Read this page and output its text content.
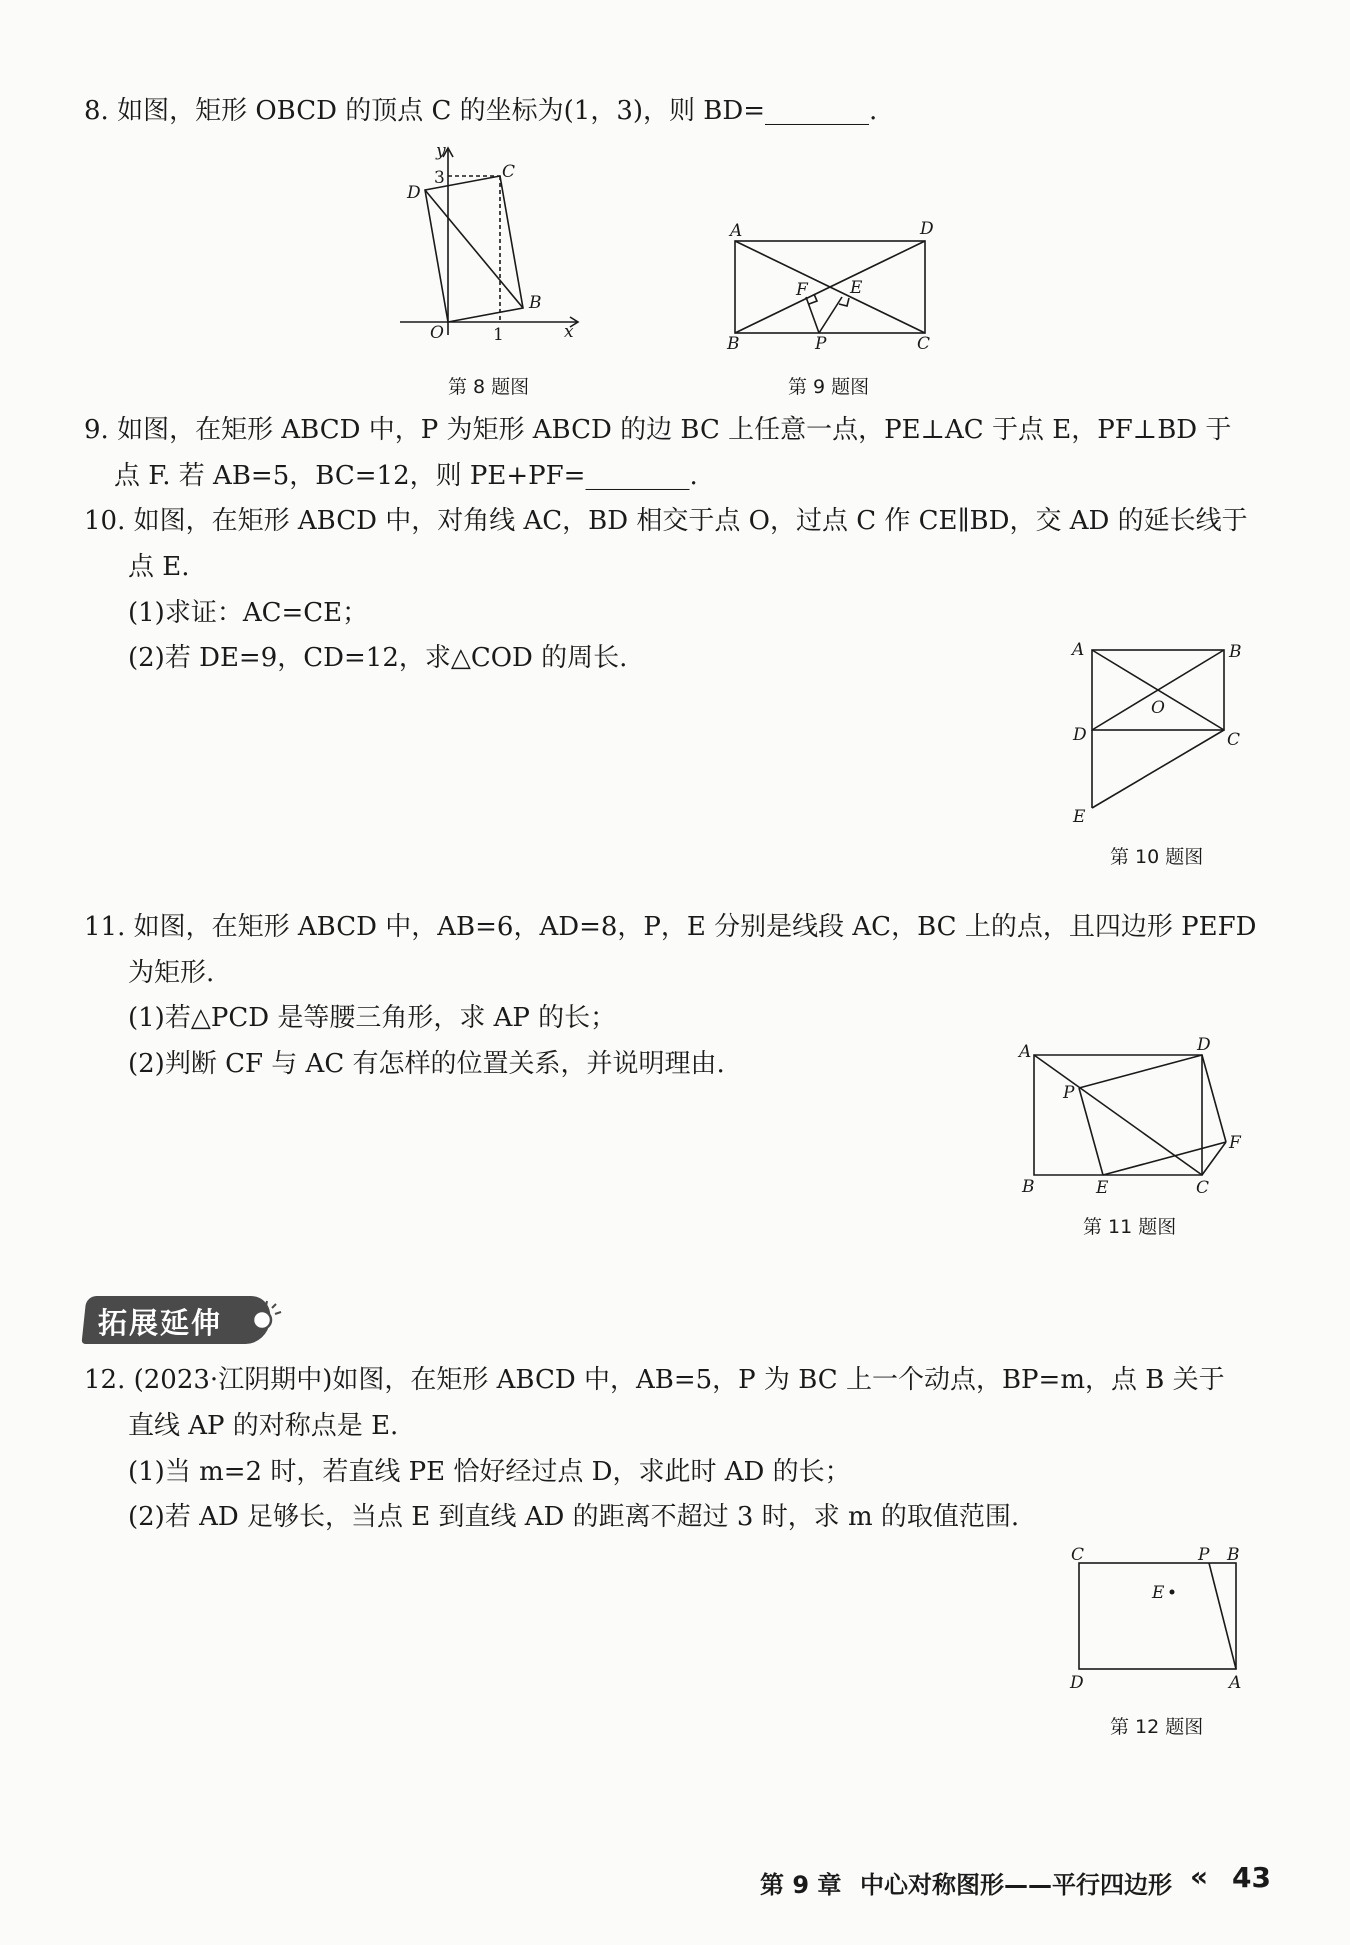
8. 如图，矩形 OBCD 的顶点 C 的坐标为(1，3)，则 BD=________.
y
3	C
D
B
O	1	x
第 8 题图
A	D
F E
B	P	C
第 9 题图
9. 如图，在矩形 ABCD 中，P 为矩形 ABCD 的边 BC 上任意一点，PE⊥AC 于点 E，PF⊥BD 于
点 F. 若 AB=5，BC=12，则 PE+PF=________.
10. 如图，在矩形 ABCD 中，对角线 AC，BD 相交于点 O，过点 C 作 CE∥BD，交 AD 的延长线于
点 E.
(1)求证：AC=CE；
(2)若 DE=9，CD=12，求△COD 的周长.	A	B
O
D	C
E
第 10 题图
11. 如图，在矩形 ABCD 中，AB=6，AD=8，P，E 分别是线段 AC，BC 上的点，且四边形 PEFD
为矩形.
(1)若△PCD 是等腰三角形，求 AP 的长；
(2)判断 CF 与 AC 有怎样的位置关系，并说明理由.	A	D
P
F
B	E	C
第 11 题图
拓展延伸
12. (2023·江阴期中)如图，在矩形 ABCD 中，AB=5，P 为 BC 上一个动点，BP=m，点 B 关于
直线 AP 的对称点是 E.
(1)当 m=2 时，若直线 PE 恰好经过点 D，求此时 AD 的长；
(2)若 AD 足够长，当点 E 到直线 AD 的距离不超过 3 时，求 m 的取值范围.
C	P B
E
D	A
第 12 题图
第 9 章 中心对称图形——平行四边形 « 43
